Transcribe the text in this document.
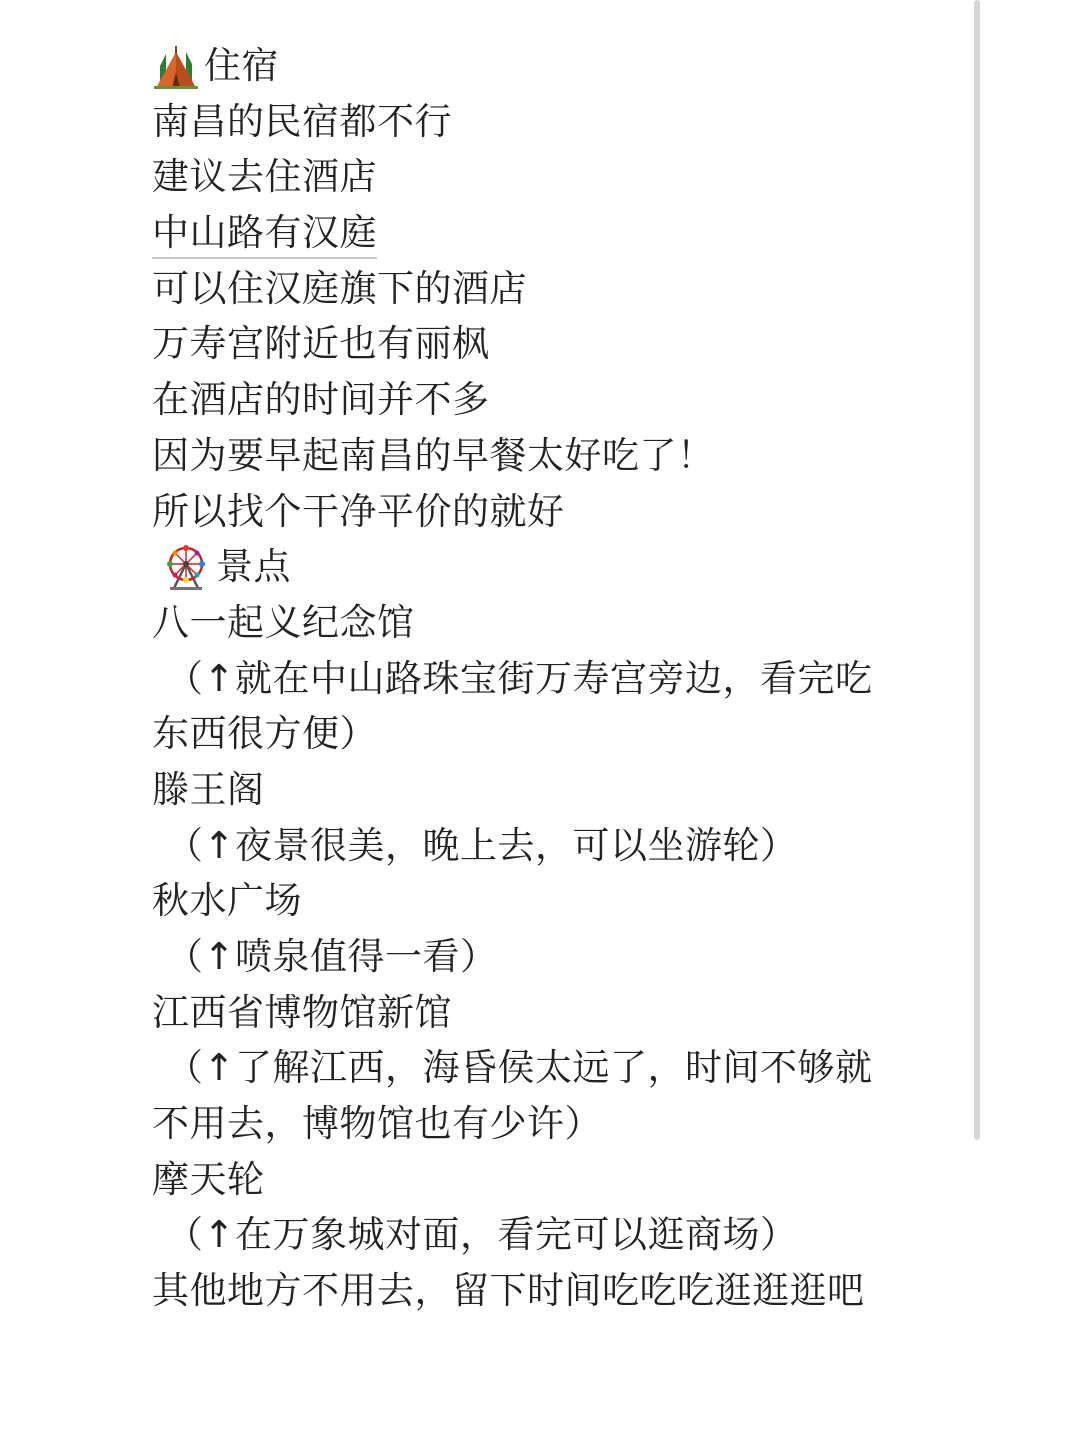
住宿
南昌的民宿都不行
建议去住酒店
中山路有汉庭
可以住汉庭旗下的酒店
万寿宫附近也有丽枫
在酒店的时间并不多
因为要早起南昌的早餐太好吃了！
所以找个干净平价的就好
景点
八一起义纪念馆
（↑就在中山路珠宝街万寿宫旁边，看完吃
东西很方便）
滕王阁
（↑夜景很美，晚上去，可以坐游轮）
秋水广场
（↑喷泉值得一看）
江西省博物馆新馆
（↑了解江西，海昏侯太远了，时间不够就
不用去，博物馆也有少许）
摩天轮
（↑在万象城对面，看完可以逛商场）
其他地方不用去，留下时间吃吃吃逛逛逛吧
